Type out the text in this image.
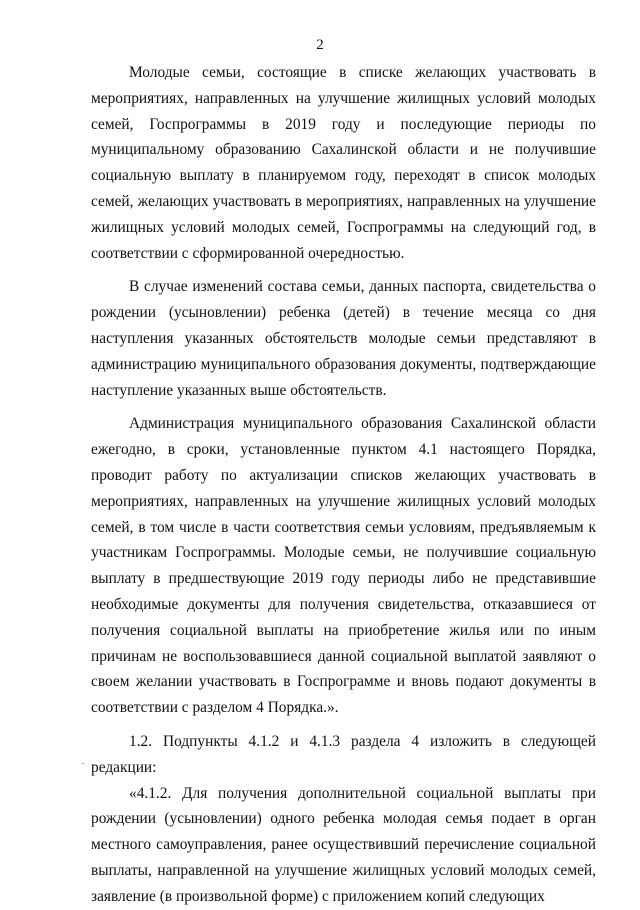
2

Молодые семьи, состоящие в списке желающих участвовать в мероприятиях, направленных на улучшение жилищных условий молодых семей, Госпрограммы в 2019 году и последующие периоды по муниципальному образованию Сахалинской области и не получившие социальную выплату в планируемом году, переходят в список молодых семей, желающих участвовать в мероприятиях, направленных на улучшение жилищных условий молодых семей, Госпрограммы на следующий год, в соответствии с сформированной очередностью.

В случае изменений состава семьи, данных паспорта, свидетельства о рождении (усыновлении) ребенка (детей) в течение месяца со дня наступления указанных обстоятельств молодые семьи представляют в администрацию муниципального образования документы, подтверждающие наступление указанных выше обстоятельств.

Администрация муниципального образования Сахалинской области ежегодно, в сроки, установленные пунктом 4.1 настоящего Порядка, проводит работу по актуализации списков желающих участвовать в мероприятиях, направленных на улучшение жилищных условий молодых семей, в том числе в части соответствия семьи условиям, предъявляемым к участникам Госпрограммы. Молодые семьи, не получившие социальную выплату в предшествующие 2019 году периоды либо не представившие необходимые документы для получения свидетельства, отказавшиеся от получения социальной выплаты на приобретение жилья или по иным причинам не воспользовавшиеся данной социальной выплатой заявляют о своем желании участвовать в Госпрограмме и вновь подают документы в соответствии с разделом 4 Порядка.».

1.2. Подпункты 4.1.2 и 4.1.3 раздела 4 изложить в следующей редакции:

«4.1.2. Для получения дополнительной социальной выплаты при рождении (усыновлении) одного ребенка молодая семья подает в орган местного самоуправления, ранее осуществивший перечисление социальной выплаты, направленной на улучшение жилищных условий молодых семей, заявление (в произвольной форме) с приложением копий следующих
